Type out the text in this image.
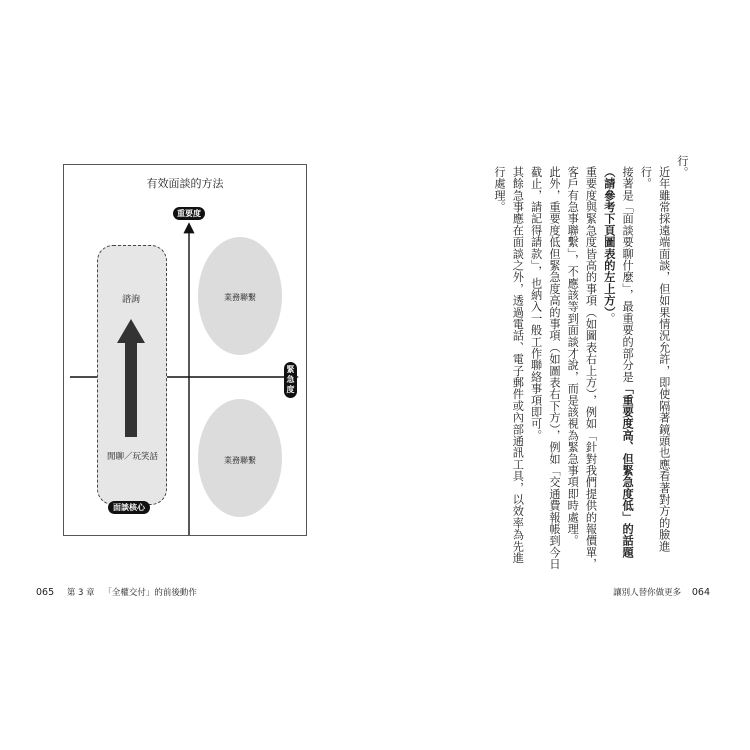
有效面談的方法
重要度
緊急度
諮詢
閒聊／玩笑話
面談核心
業務聯繫
業務聯繫
065 第 3 章 「全權交付」的前後動作

行。

近年雖常採遠端面談，但如果情況允許，即使隔著鏡頭也應看著對方的臉進行。

接著是「面談要聊什麼」，最重要的部分是「重要度高、但緊急度低」的話題（請參考下頁圖表的左上方）。

重要度與緊急度皆高的事項（如圖表右上方），例如「針對我們提供的報價單，客戶有急事聯繫」，不應該等到面談才說，而是該視為緊急事項即時處理。

此外，重要度低但緊急度高的事項（如圖表右下方），例如「交通費報帳到今日截止，請記得請款」，也納入一般工作聯絡事項即可。

其餘急事應在面談之外，透過電話、電子郵件或內部通訊工具，以效率為先進行處理。

讓別人替你做更多 064
